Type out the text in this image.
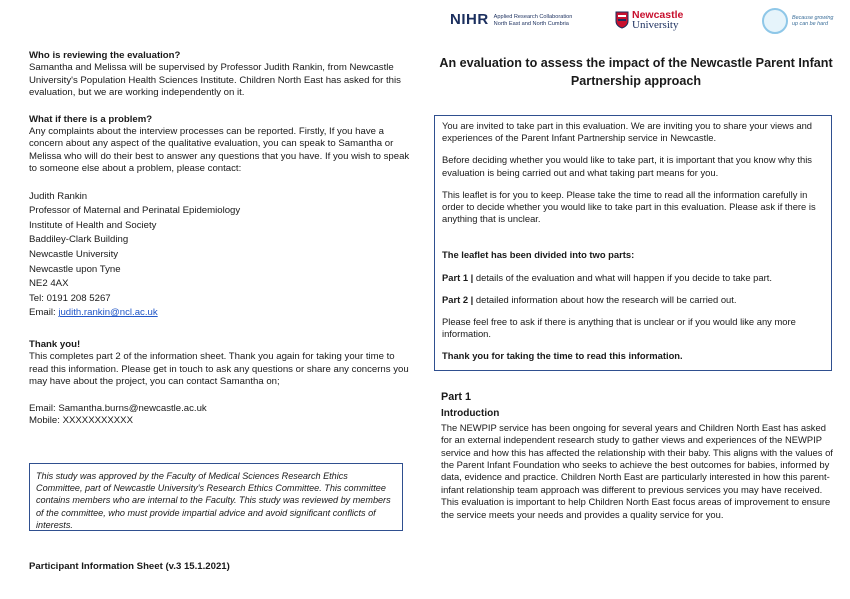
Who is reviewing the evaluation?
Samantha and Melissa will be supervised by Professor Judith Rankin, from Newcastle University's Population Health Sciences Institute. Children North East has asked for this evaluation, but we are working independently on it.
What if there is a problem?
Any complaints about the interview processes can be reported. Firstly, If you have a concern about any aspect of the qualitative evaluation, you can speak to Samantha or Melissa who will do their best to answer any questions that you have. If you wish to speak to someone else about a problem, please contact:
Judith Rankin
Professor of Maternal and Perinatal Epidemiology
Institute of Health and Society
Baddiley-Clark Building
Newcastle University
Newcastle upon Tyne
NE2 4AX
Tel: 0191 208 5267
Email: judith.rankin@ncl.ac.uk
Thank you!
This completes part 2 of the information sheet. Thank you again for taking your time to read this information. Please get in touch to ask any questions or share any concerns you may have about the project, you can contact Samantha on;
Email: Samantha.burns@newcastle.ac.uk
Mobile: XXXXXXXXXXX
This study was approved by the Faculty of Medical Sciences Research Ethics Committee, part of Newcastle University's Research Ethics Committee. This committee contains members who are internal to the Faculty. This study was reviewed by members of the committee, who must provide impartial advice and avoid significant conflicts of interests.
Participant Information Sheet (v.3 15.1.2021)
NIHR Applied Research Collaboration
North East and North Cumbria
Newcastle
University
Because growing
up can be hard
An evaluation to assess the impact of the Newcastle Parent Infant Partnership approach
You are invited to take part in this evaluation. We are inviting you to share your views and experiences of the Parent Infant Partnership service in Newcastle.
Before deciding whether you would like to take part, it is important that you know why this evaluation is being carried out and what taking part means for you.
This leaflet is for you to keep. Please take the time to read all the information carefully in order to decide whether you would like to take part in this evaluation. Please ask if there is anything that is unclear.
The leaflet has been divided into two parts:
Part 1 | details of the evaluation and what will happen if you decide to take part.
Part 2 | detailed information about how the research will be carried out.
Please feel free to ask if there is anything that is unclear or if you would like any more information.
Thank you for taking the time to read this information.
Part 1
Introduction
The NEWPIP service has been ongoing for several years and Children North East has asked for an external independent research study to gather views and experiences of the NEWPIP service and how this has affected the relationship with their baby. This aligns with the values of the Parent Infant Foundation who seeks to achieve the best outcomes for babies, informed by data, evidence and practice. Children North East are particularly interested in how this parent-infant relationship team approach was different to previous services you may have received. This evaluation is important to help Children North East focus areas of improvement to ensure the service meets your needs and provides a quality service for you.
